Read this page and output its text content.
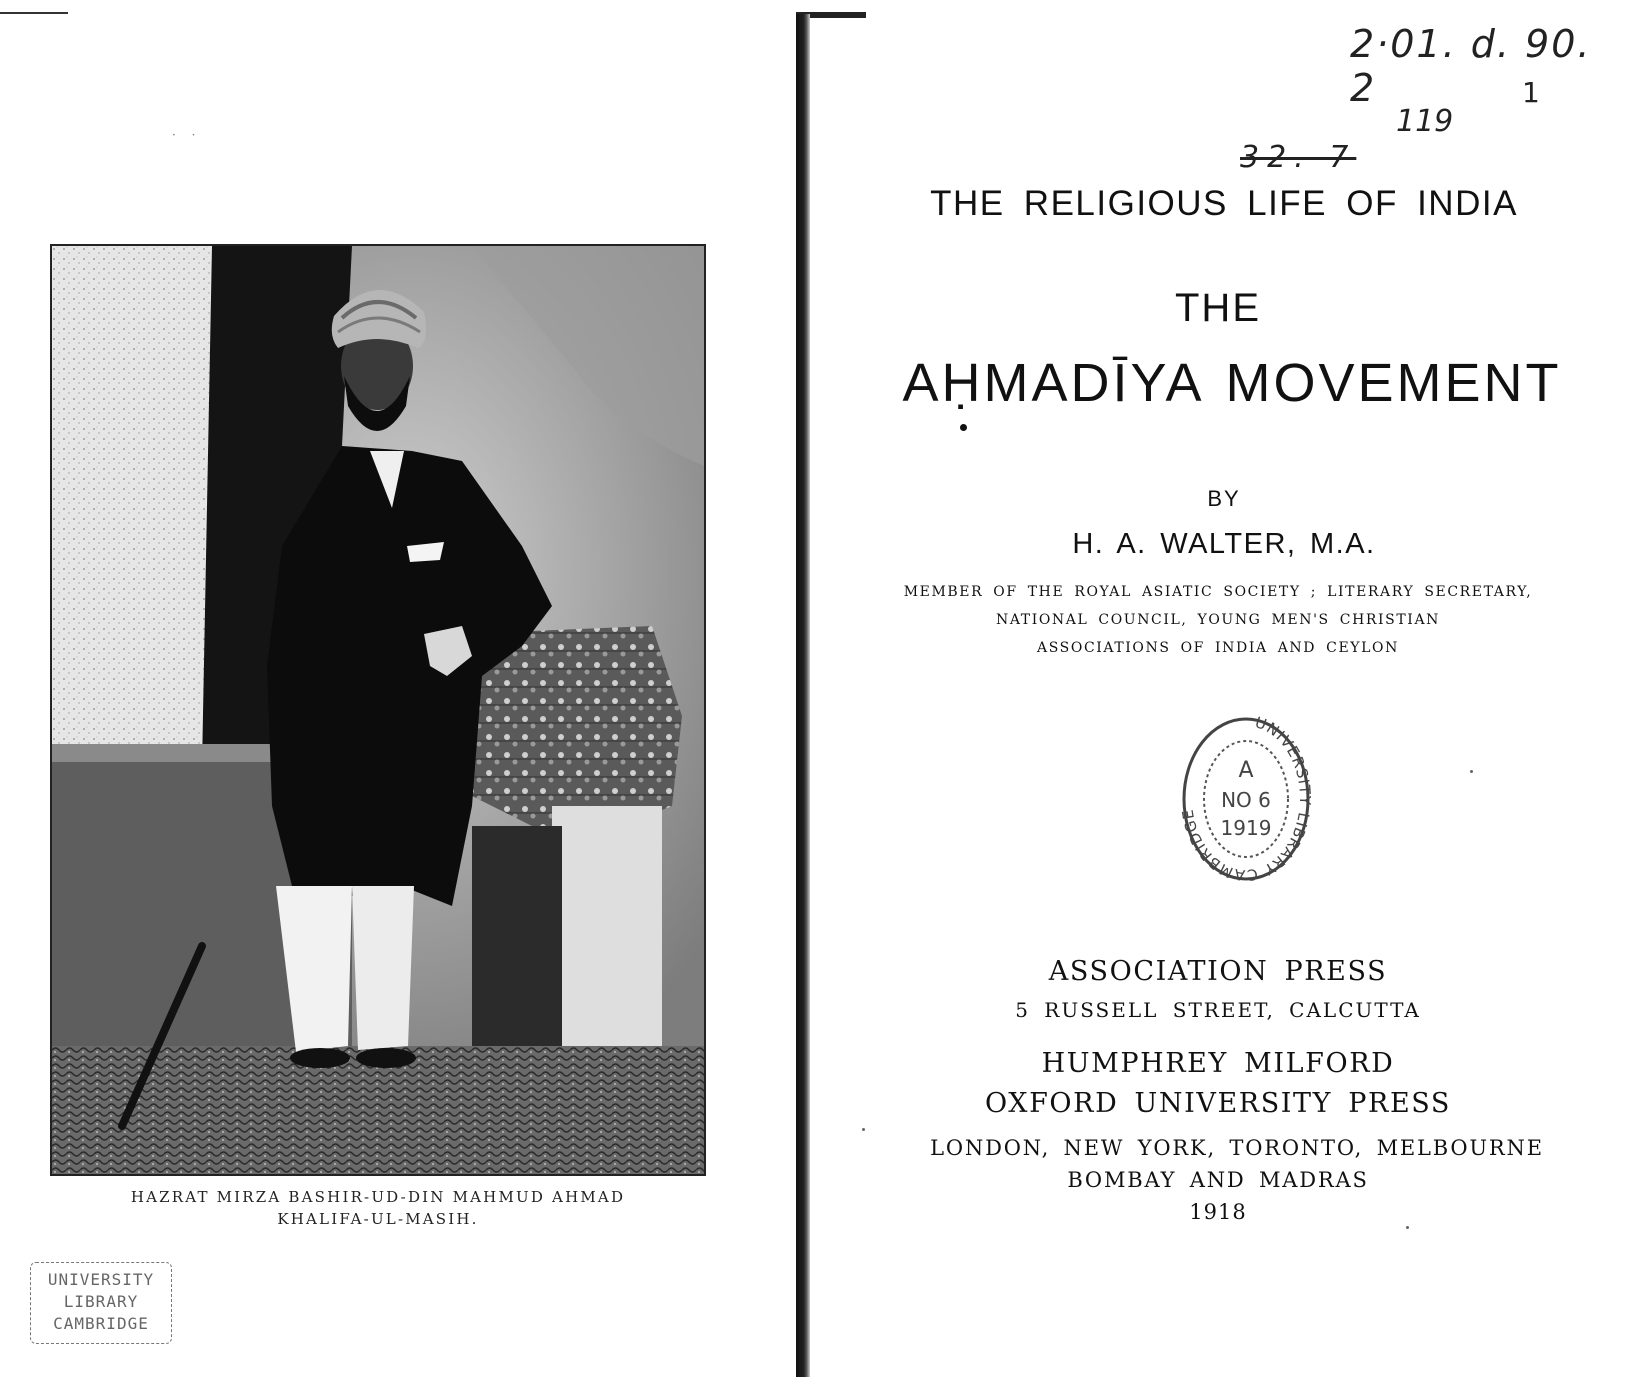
· ·
HAZRAT MIRZA BASHIR-UD-DIN MAHMUD AHMAD
KHALIFA-UL-MASIH.
UNIVERSITY
LIBRARY
CAMBRIDGE
2·01. d. 90. 2	1
119
32. 7
THE RELIGIOUS LIFE OF INDIA
THE
AḤMADĪYA MOVEMENT
BY
H. A. WALTER, M.A.
MEMBER OF THE ROYAL ASIATIC SOCIETY ; LITERARY SECRETARY,
NATIONAL COUNCIL, YOUNG MEN'S CHRISTIAN
ASSOCIATIONS OF INDIA AND CEYLON
UNIVERSITY LIBRARY CAMBRIDGE
A
NO 6
1919
ASSOCIATION PRESS
5 RUSSELL STREET, CALCUTTA
HUMPHREY MILFORD
OXFORD UNIVERSITY PRESS
LONDON, NEW YORK, TORONTO, MELBOURNE
BOMBAY AND MADRAS
1918
